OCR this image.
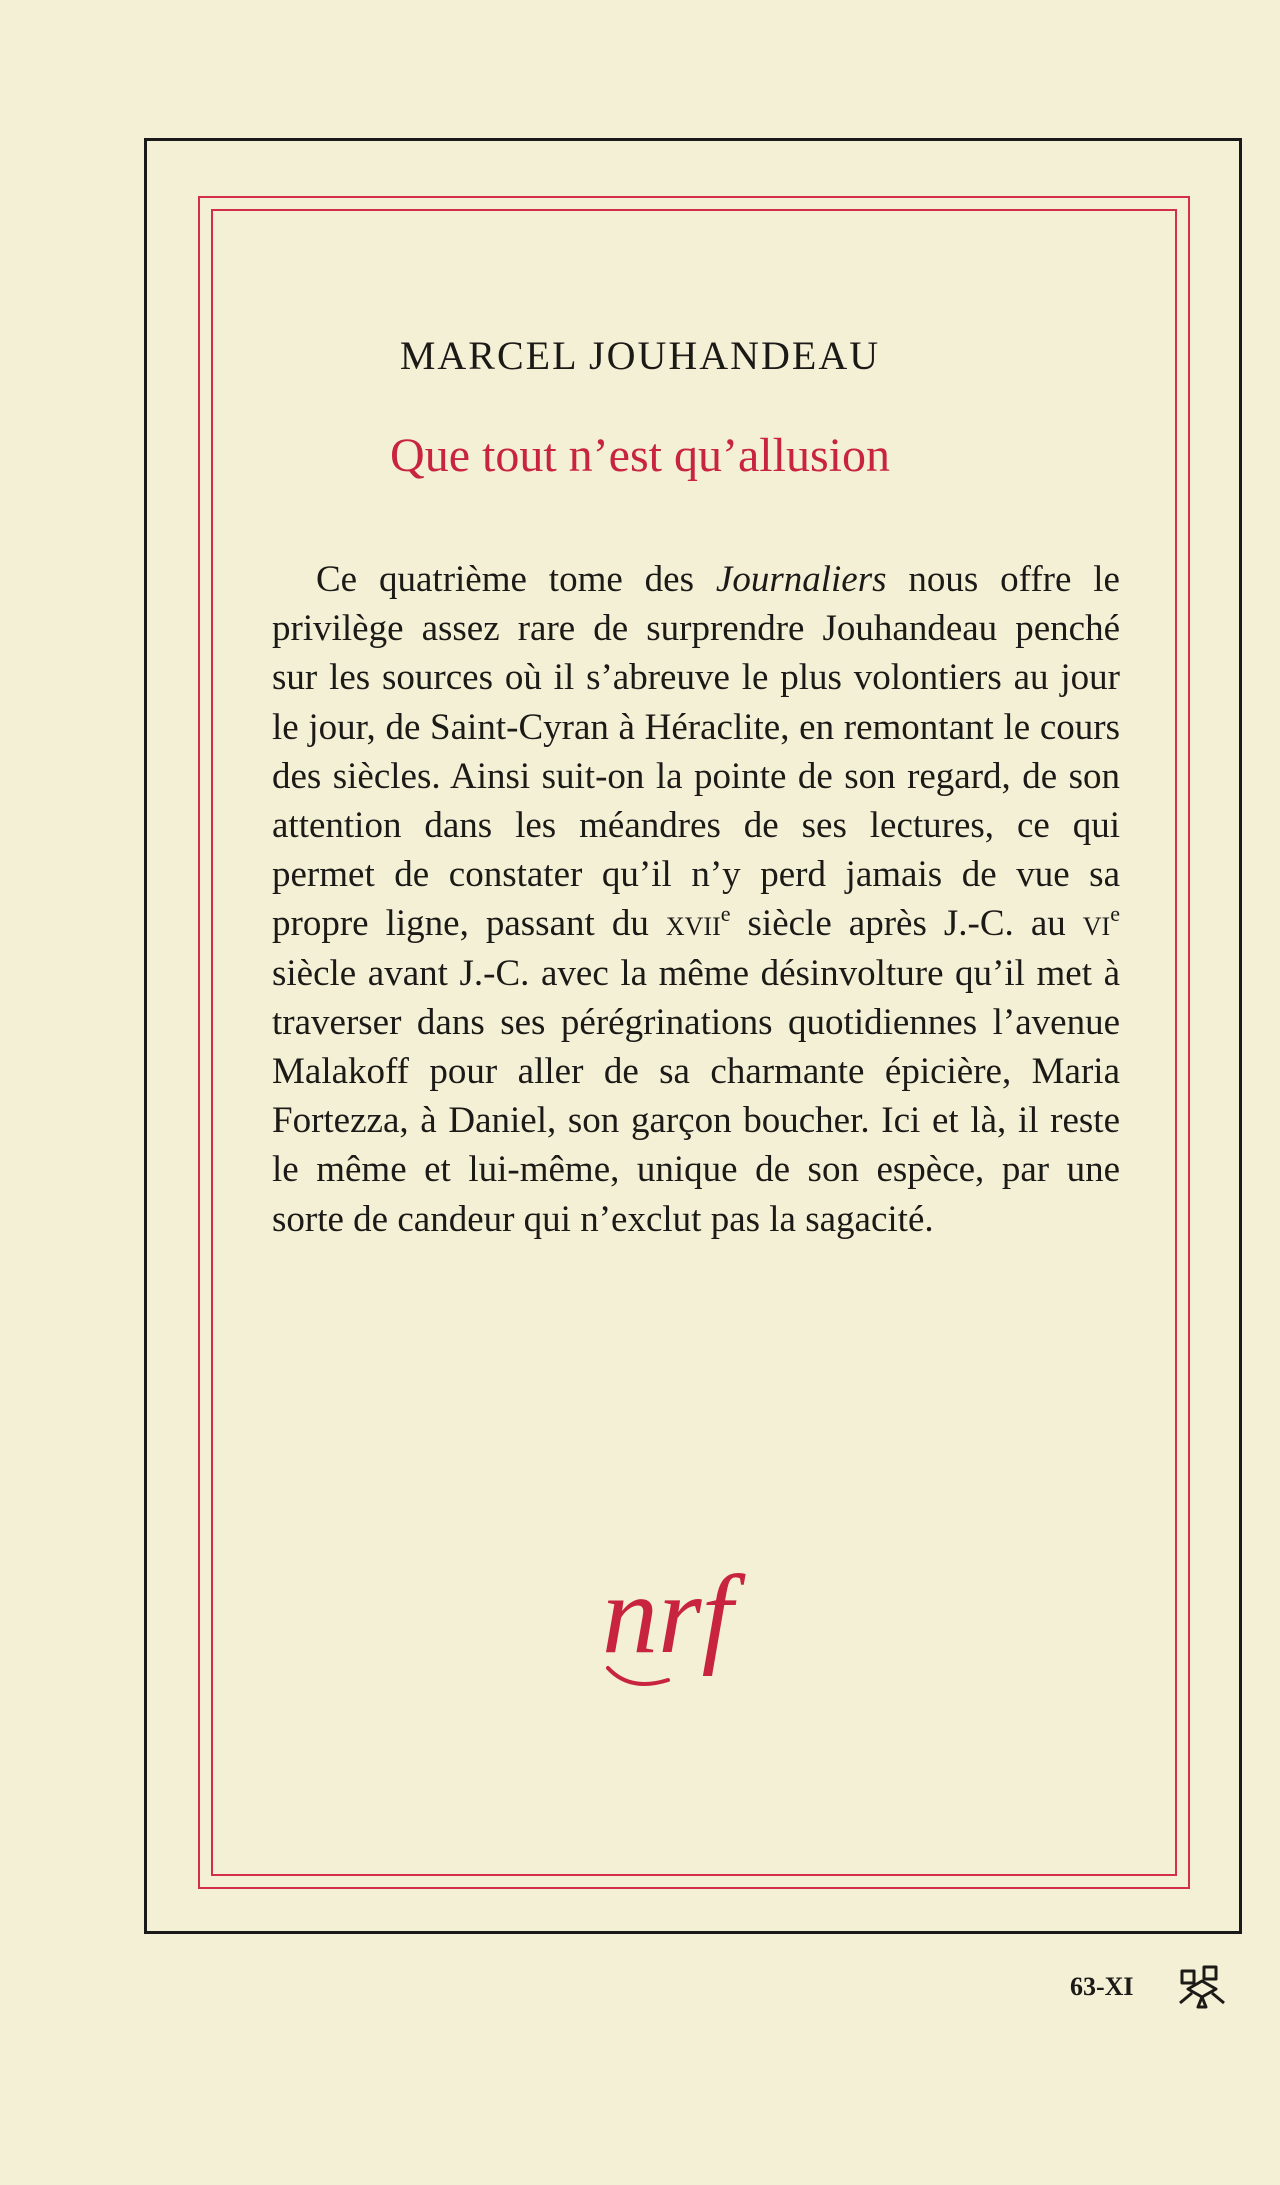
MARCEL JOUHANDEAU
Que tout n’est qu’allusion
Ce quatrième tome des Journaliers nous offre le privilège assez rare de surprendre Jouhandeau penché sur les sources où il s’abreuve le plus volontiers au jour le jour, de Saint-Cyran à Héraclite, en remontant le cours des siècles. Ainsi suit-on la pointe de son regard, de son attention dans les méandres de ses lectures, ce qui permet de constater qu’il n’y perd jamais de vue sa propre ligne, passant du xvii$^e$ siècle après J.-C. au $vi^e$ siècle avant J.-C. avec la même désinvolture qu’il met à traverser dans ses pérégrinations quotidiennes l’avenue Malakoff pour aller de sa charmante épicière, Maria Fortezza, à Daniel, son garçon boucher. Ici et là, il reste le même et lui-même, unique de son espèce, par une sorte de candeur qui n’exclut pas la sagacité.
nrf
63-XI
